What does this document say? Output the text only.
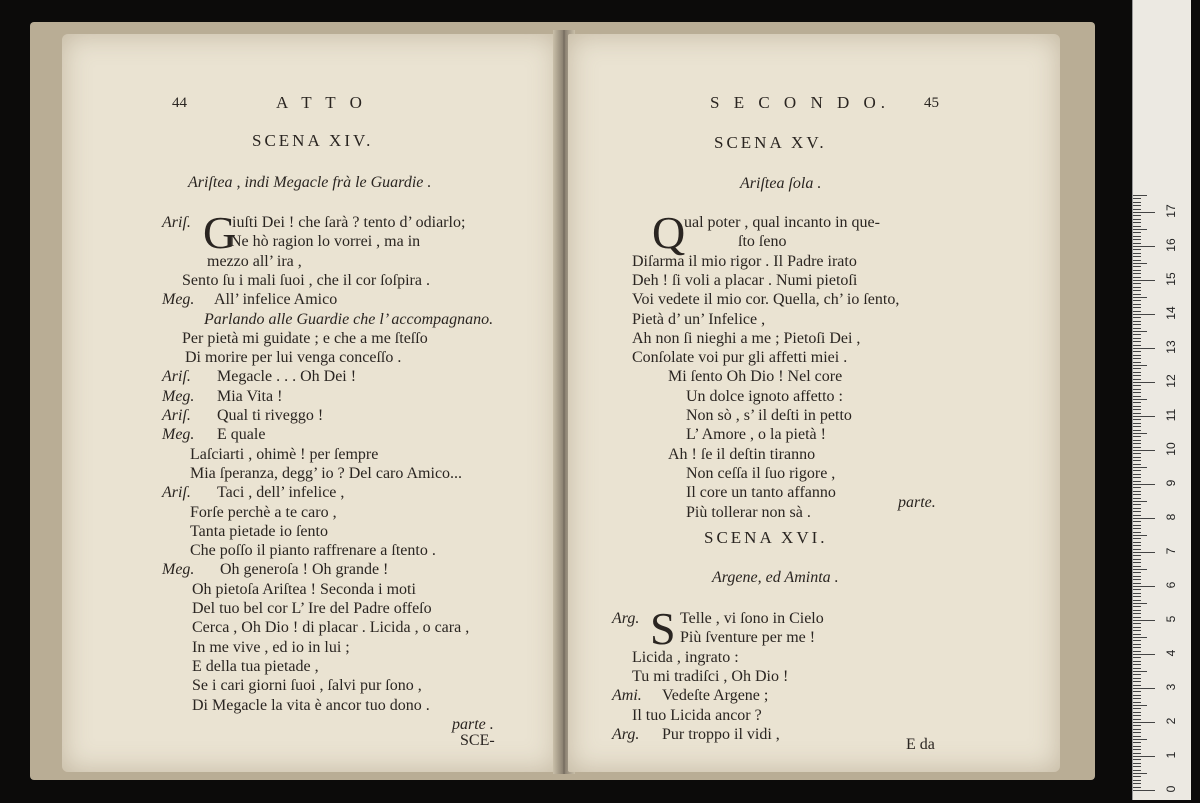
44	A T T O
SCENA XIV.
Ariſtea , indi Megacle frà le Guardie .
G
Ariſ.	iuſti Dei ! che ſarà ? tento d’ odiarlo;
Ne hò ragion lo vorrei , ma in
mezzo all’ ira ,
Sento ſu i mali ſuoi , che il cor ſoſpira .
Meg. All’ infelice Amico
Parlando alle Guardie che l’ accompagnano.
Per pietà mi guidate ; e che a me ſteſſo
Di morire per lui venga conceſſo .
Ariſ. Megacle . . . Oh Dei !
Meg. Mia Vita !
Ariſ. Qual ti riveggo !
Meg. E quale
Laſciarti , ohimè ! per ſempre
Mia ſperanza, degg’ io ? Del caro Amico...
Ariſ. Taci , dell’ infelice ,
Forſe perchè a te caro ,
Tanta pietade io ſento
Che poſſo il pianto raffrenare a ſtento .
Meg. Oh generoſa ! Oh grande !
Oh pietoſa Ariſtea ! Seconda i moti
Del tuo bel cor L’ Ire del Padre offeſo
Cerca , Oh Dio ! di placar . Licida , o cara ,
In me vive , ed io in lui ;
E della tua pietade ,
Se i cari giorni ſuoi , ſalvi pur ſono ,
Di Megacle la vita è ancor tuo dono .
parte .
SCE-
S E C O N D O. 45
SCENA XV.
Ariſtea ſola .
Q
ual poter , qual incanto in que-
ſto ſeno
Diſarma il mio rigor . Il Padre irato
Deh ! ſi voli a placar . Numi pietoſi
Voi vedete il mio cor. Quella, ch’ io ſento,
Pietà d’ un’ Infelice ,
Ah non ſi nieghi a me ; Pietoſi Dei ,
Conſolate voi pur gli affetti miei .
Mi ſento Oh Dio ! Nel core
Un dolce ignoto affetto :
Non sò , s’ il deſti in petto
L’ Amore , o la pietà !
Ah ! ſe il deſtin tiranno
Non ceſſa il ſuo rigore ,
Il core un tanto affanno
Più tollerar non sà .
parte.
SCENA XVI.
Argene, ed Aminta .
S
Arg.	Telle , vi ſono in Cielo
Più ſventure per me !
Licida , ingrato :
Tu mi tradiſci , Oh Dio !
Ami. Vedeſte Argene ;
Il tuo Licida ancor ?
Arg. Pur troppo il vidi ,
E da
0
1
2
3
4
5
6
7
8
9
10
11
12
13
14
15
16
17
